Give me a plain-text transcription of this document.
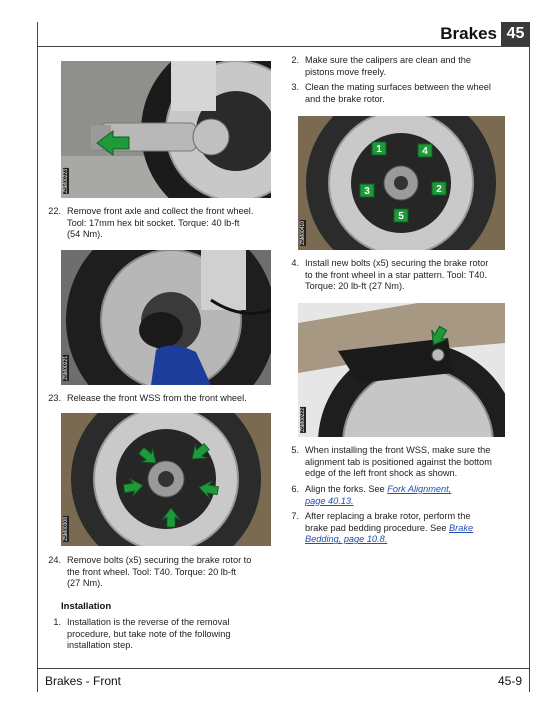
Brakes 45
Z5M00223
22. Remove front axle and collect the front wheel.
Tool: 17mm hex bit socket. Torque: 40 lb-ft
(54 Nm).
Z5M00221
23. Release the front WSS from the front wheel.
Z5M00308
24. Remove bolts (x5) securing the brake rotor to
the front wheel. Tool: T40. Torque: 20 lb-ft
(27 Nm).
Installation
1. Installation is the reverse of the removal
procedure, but take note of the following
installation step.
2. Make sure the calipers are clean and the
pistons move freely.
3. Clean the mating surfaces between the wheel
and the brake rotor.
1
2
3
4
5
Z5M00410
4. Install new bolts (x5) securing the brake rotor
to the front wheel in a star pattern. Tool: T40.
Torque: 20 lb-ft (27 Nm).
Z5M00222
5. When installing the front WSS, make sure the
alignment tab is positioned against the bottom
edge of the left front shock as shown.
6. Align the forks. See Fork Alignment,
page 40.13.
7. After replacing a brake rotor, perform the
brake pad bedding procedure. See Brake
Bedding, page 10.8.
Brakes - Front	45-9
